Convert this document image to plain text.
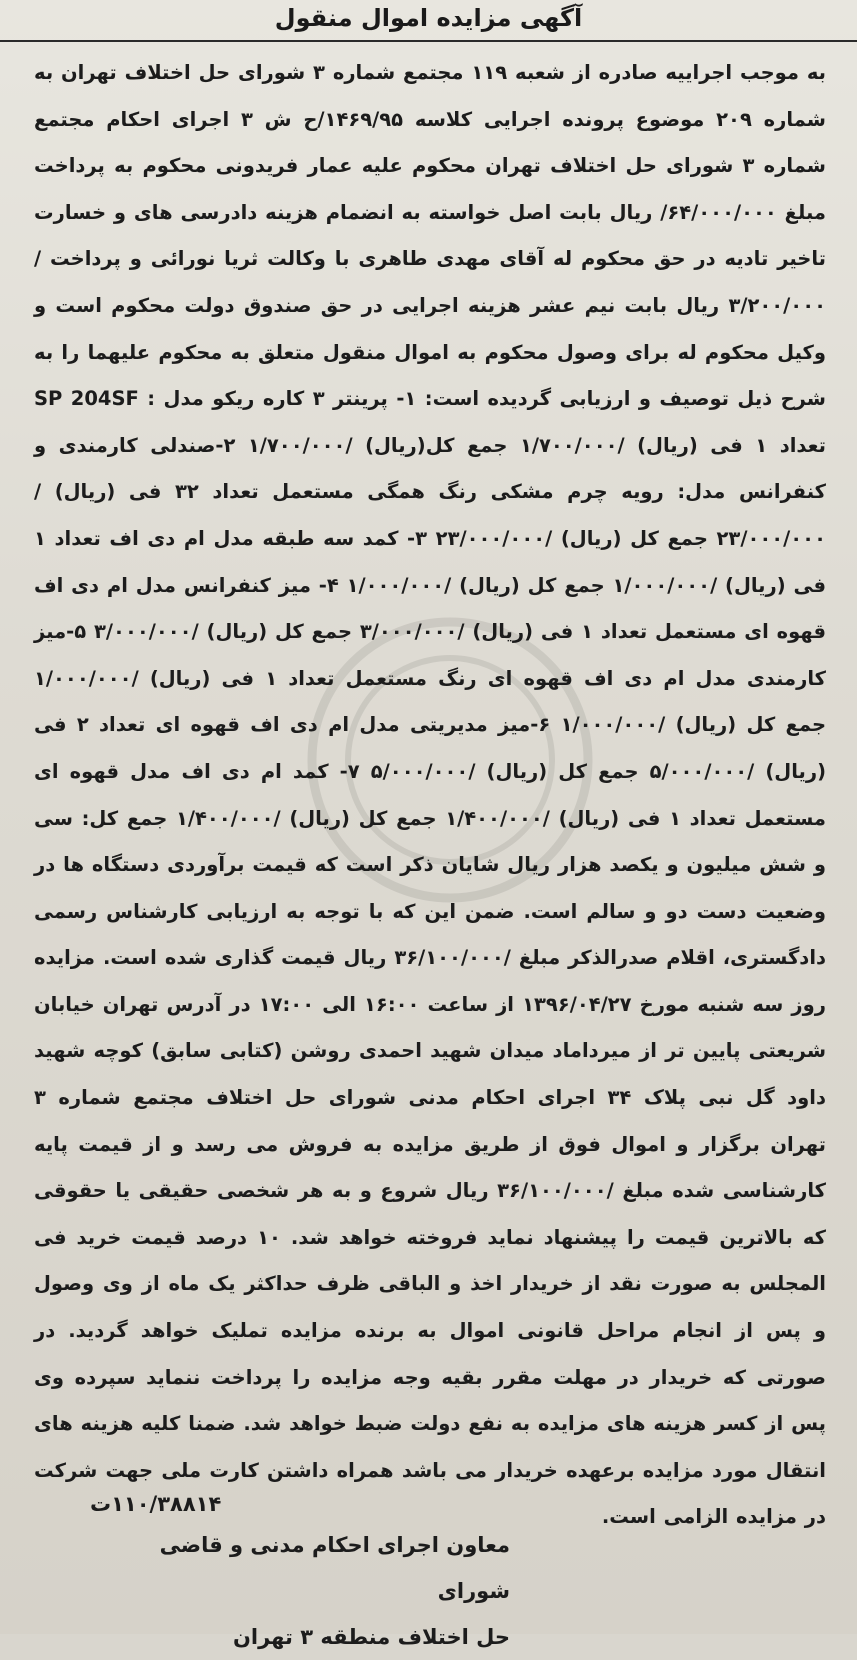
آگهی مزایده اموال منقول
به موجب اجراییه صادره از شعبه ۱۱۹ مجتمع شماره ۳ شورای حل اختلاف تهران به شماره ۲۰۹ موضوع پرونده اجرایی کلاسه ۱۴۶۹/۹۵/ح ش ۳ اجرای احکام مجتمع شماره ۳ شورای حل اختلاف تهران محکوم علیه عمار فریدونی محکوم به پرداخت مبلغ ۶۴/۰۰۰/۰۰۰/ ریال بابت اصل خواسته به انضمام هزینه دادرسی های و خسارت تاخیر تادیه در حق محکوم له آقای مهدی طاهری با وکالت ثریا نورائی و پرداخت /۳/۲۰۰/۰۰۰ ریال بابت نیم عشر هزینه اجرایی در حق صندوق دولت محکوم است و وکیل محکوم له برای وصول محکوم به اموال منقول متعلق به محکوم علیهما را به شرح ذیل توصیف و ارزیابی گردیده است: ۱- پرینتر ۳ کاره ریکو مدل : SP 204SF تعداد ۱ فی (ریال) /۱/۷۰۰/۰۰۰ جمع کل(ریال) /۱/۷۰۰/۰۰۰ ۲-صندلی کارمندی و کنفرانس مدل: رویه چرم مشکی رنگ همگی مستعمل تعداد ۳۲ فی (ریال) /۲۳/۰۰۰/۰۰۰ جمع کل (ریال) /۲۳/۰۰۰/۰۰۰ ۳- کمد سه طبقه مدل ام دی اف تعداد ۱ فی (ریال) /۱/۰۰۰/۰۰۰ جمع کل (ریال) /۱/۰۰۰/۰۰۰ ۴- میز کنفرانس مدل ام دی اف قهوه ای مستعمل تعداد ۱ فی (ریال) /۳/۰۰۰/۰۰۰ جمع کل (ریال) /۳/۰۰۰/۰۰۰ ۵-میز کارمندی مدل ام دی اف قهوه ای رنگ مستعمل تعداد ۱ فی (ریال) /۱/۰۰۰/۰۰۰ جمع کل (ریال) /۱/۰۰۰/۰۰۰ ۶-میز مدیریتی مدل ام دی اف قهوه ای تعداد ۲ فی (ریال) /۵/۰۰۰/۰۰۰ جمع کل (ریال) /۵/۰۰۰/۰۰۰ ۷- کمد ام دی اف مدل قهوه ای مستعمل تعداد ۱ فی (ریال) /۱/۴۰۰/۰۰۰ جمع کل (ریال) /۱/۴۰۰/۰۰۰ جمع کل: سی و شش میلیون و یکصد هزار ریال شایان ذکر است که قیمت برآوردی دستگاه ها در وضعیت دست دو و سالم است. ضمن این که با توجه به ارزیابی کارشناس رسمی دادگستری، اقلام صدرالذکر مبلغ /۳۶/۱۰۰/۰۰۰ ریال قیمت گذاری شده است. مزایده روز سه شنبه مورخ ۱۳۹۶/۰۴/۲۷ از ساعت ۱۶:۰۰ الی ۱۷:۰۰ در آدرس تهران خیابان شریعتی پایین تر از میرداماد میدان شهید احمدی روشن (کتابی سابق) کوچه شهید داود گل نبی پلاک ۳۴ اجرای احکام مدنی شورای حل اختلاف مجتمع شماره ۳ تهران برگزار و اموال فوق از طریق مزایده به فروش می رسد و از قیمت پایه کارشناسی شده مبلغ /۳۶/۱۰۰/۰۰۰ ریال شروع و به هر شخصی حقیقی یا حقوقی که بالاترین قیمت را پیشنهاد نماید فروخته خواهد شد. ۱۰ درصد قیمت خرید فی المجلس به صورت نقد از خریدار اخذ و الباقی ظرف حداکثر یک ماه از وی وصول و پس از انجام مراحل قانونی اموال به برنده مزایده تملیک خواهد گردید. در صورتی که خریدار در مهلت مقرر بقیه وجه مزایده را پرداخت ننماید سپرده وی پس از کسر هزینه های مزایده به نفع دولت ضبط خواهد شد. ضمنا کلیه هزینه های انتقال مورد مزایده برعهده خریدار می باشد همراه داشتن کارت ملی جهت شرکت در مزایده الزامی است.
۱۱۰/۳۸۸۱۴ت
معاون اجرای احکام مدنی و قاضی شورای
حل اختلاف منطقه ۳ تهران
